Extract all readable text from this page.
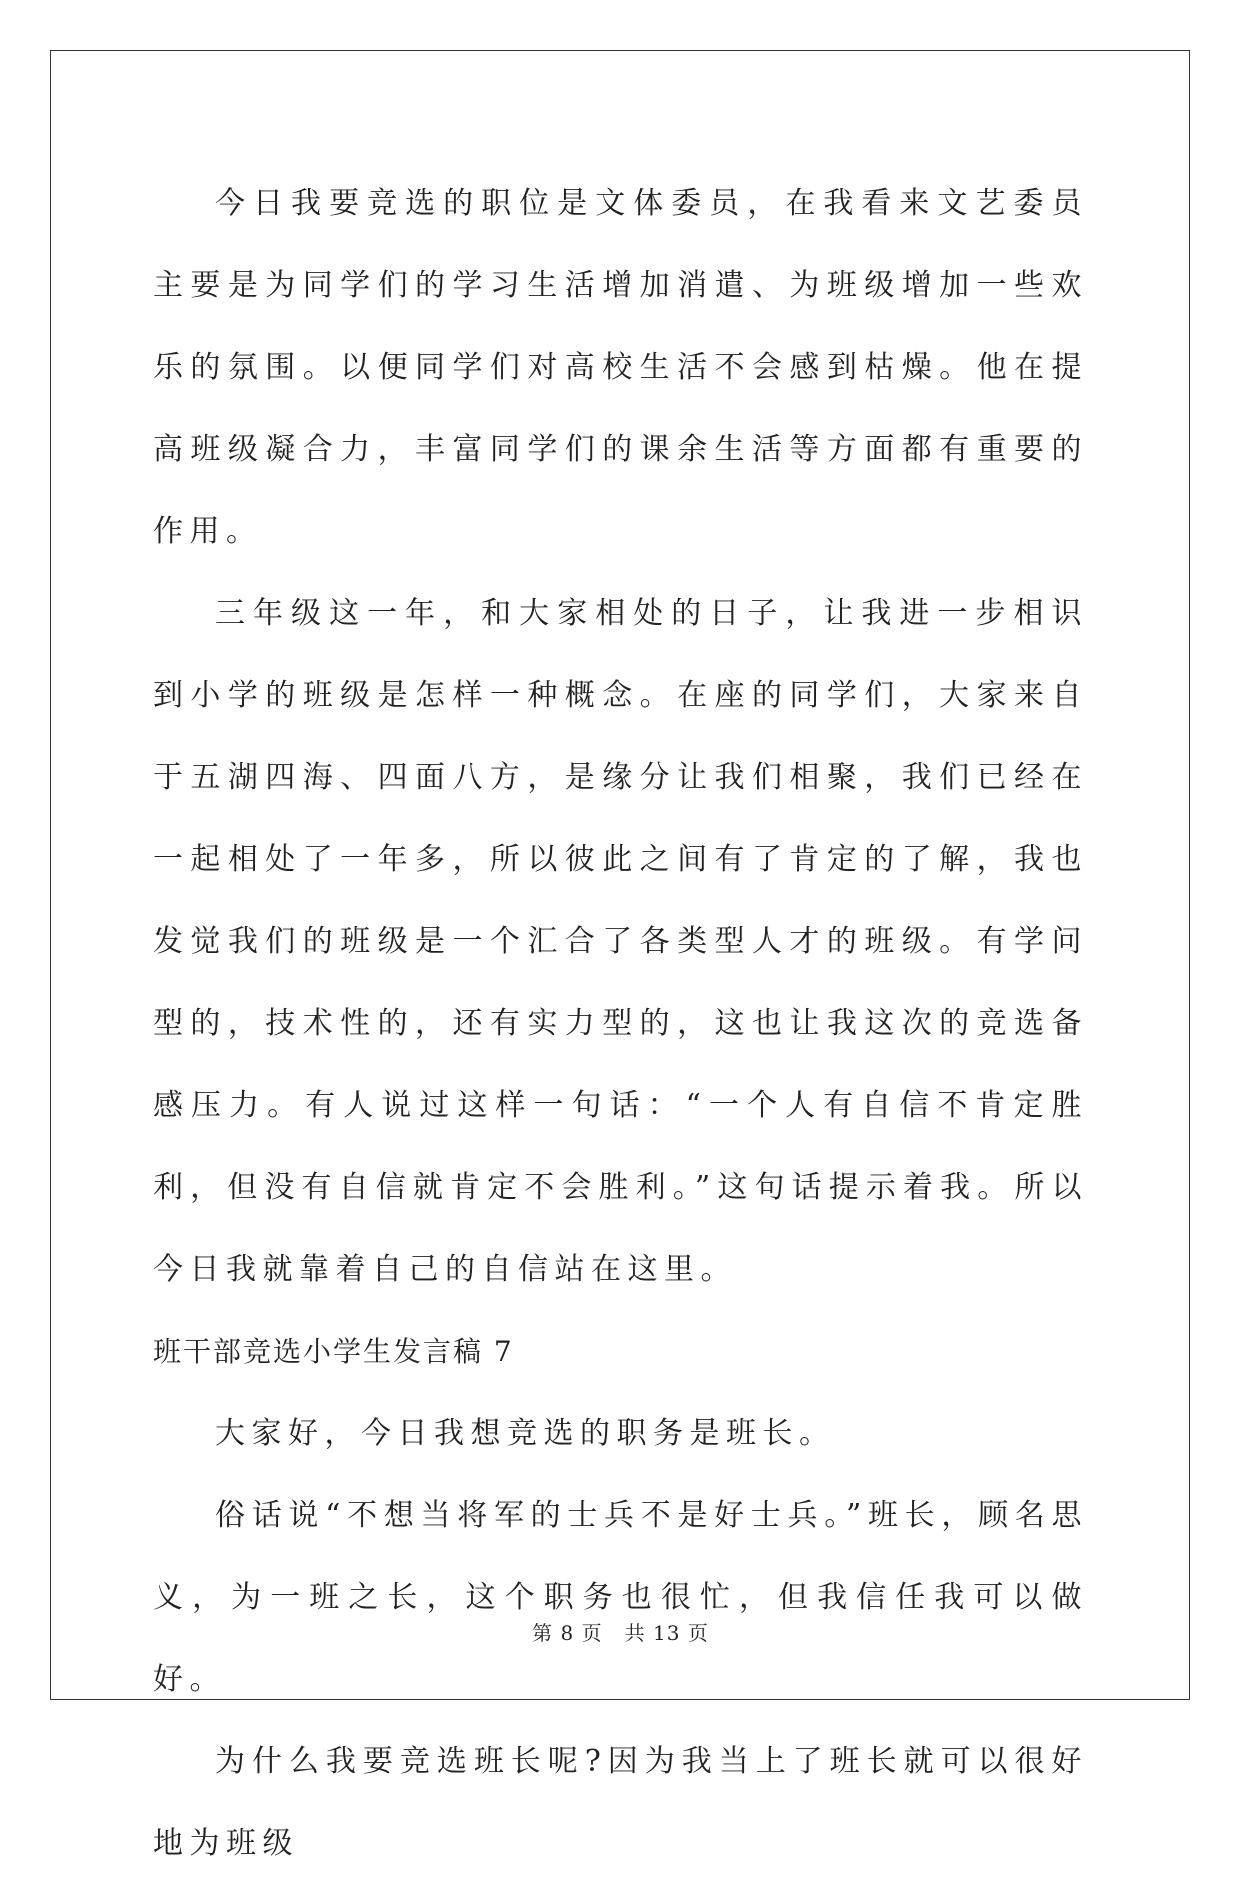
今日我要竞选的职位是文体委员，在我看来文艺委员主要是为同学们的学习生活增加消遣、为班级增加一些欢乐的氛围。以便同学们对高校生活不会感到枯燥。他在提高班级凝合力，丰富同学们的课余生活等方面都有重要的作用。

三年级这一年，和大家相处的日子，让我进一步相识到小学的班级是怎样一种概念。在座的同学们，大家来自于五湖四海、四面八方，是缘分让我们相聚，我们已经在一起相处了一年多，所以彼此之间有了肯定的了解，我也发觉我们的班级是一个汇合了各类型人才的班级。有学问型的，技术性的，还有实力型的，这也让我这次的竞选备感压力。有人说过这样一句话：“一个人有自信不肯定胜利，但没有自信就肯定不会胜利。”这句话提示着我。所以今日我就靠着自己的自信站在这里。

班干部竞选小学生发言稿 7

大家好，今日我想竞选的职务是班长。

俗话说“不想当将军的士兵不是好士兵。”班长，顾名思义，为一班之长，这个职务也很忙，但我信任我可以做好。

为什么我要竞选班长呢?因为我当上了班长就可以很好地为班级

第 8 页   共 13 页
